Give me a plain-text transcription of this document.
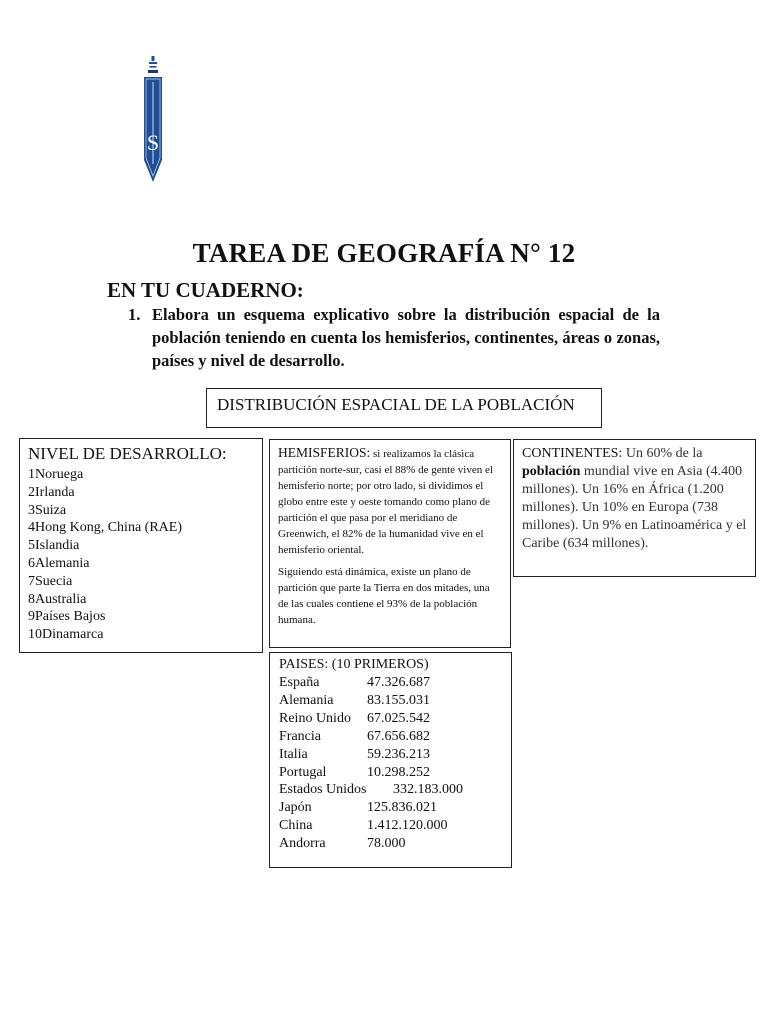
S
TAREA DE GEOGRAFÍA N° 12
EN TU CUADERNO:
1. Elabora un esquema explicativo sobre la distribución espacial de la población teniendo en cuenta los hemisferios, continentes, áreas o zonas, países y nivel de desarrollo.
DISTRIBUCIÓN ESPACIAL DE LA POBLACIÓN
NIVEL DE DESARROLLO:
1Noruega
2Irlanda
3Suiza
4Hong Kong, China (RAE)
5Islandia
6Alemania
7Suecia
8Australia
9Países Bajos
10Dinamarca

HEMISFERIOS: si realizamos la clásica partición norte-sur, casi el 88% de gente viven el hemisferio norte; por otro lado, si dividimos el globo entre este y oeste tomando como plano de partición el que pasa por el meridiano de Greenwich, el 82% de la humanidad vive en el hemisferio oriental.

Siguiendo está dinámica, existe un plano de partición que parte la Tierra en dos mitades, una de las cuales contiene el 93% de la población humana.

CONTINENTES: Un 60% de la población mundial vive en Asia (4.400 millones). Un 16% en África (1.200 millones). Un 10% en Europa (738 millones). Un 9% en Latinoamérica y el Caribe (634 millones).
PAISES: (10 PRIMEROS)
España	47.326.687
Alemania 83.155.031
Reino Unido 67.025.542
Francia	67.656.682
Italia	59.236.213
Portugal	10.298.252
Estados Unidos 332.183.000
Japón	125.836.021
China	1.412.120.000
Andorra	78.000
